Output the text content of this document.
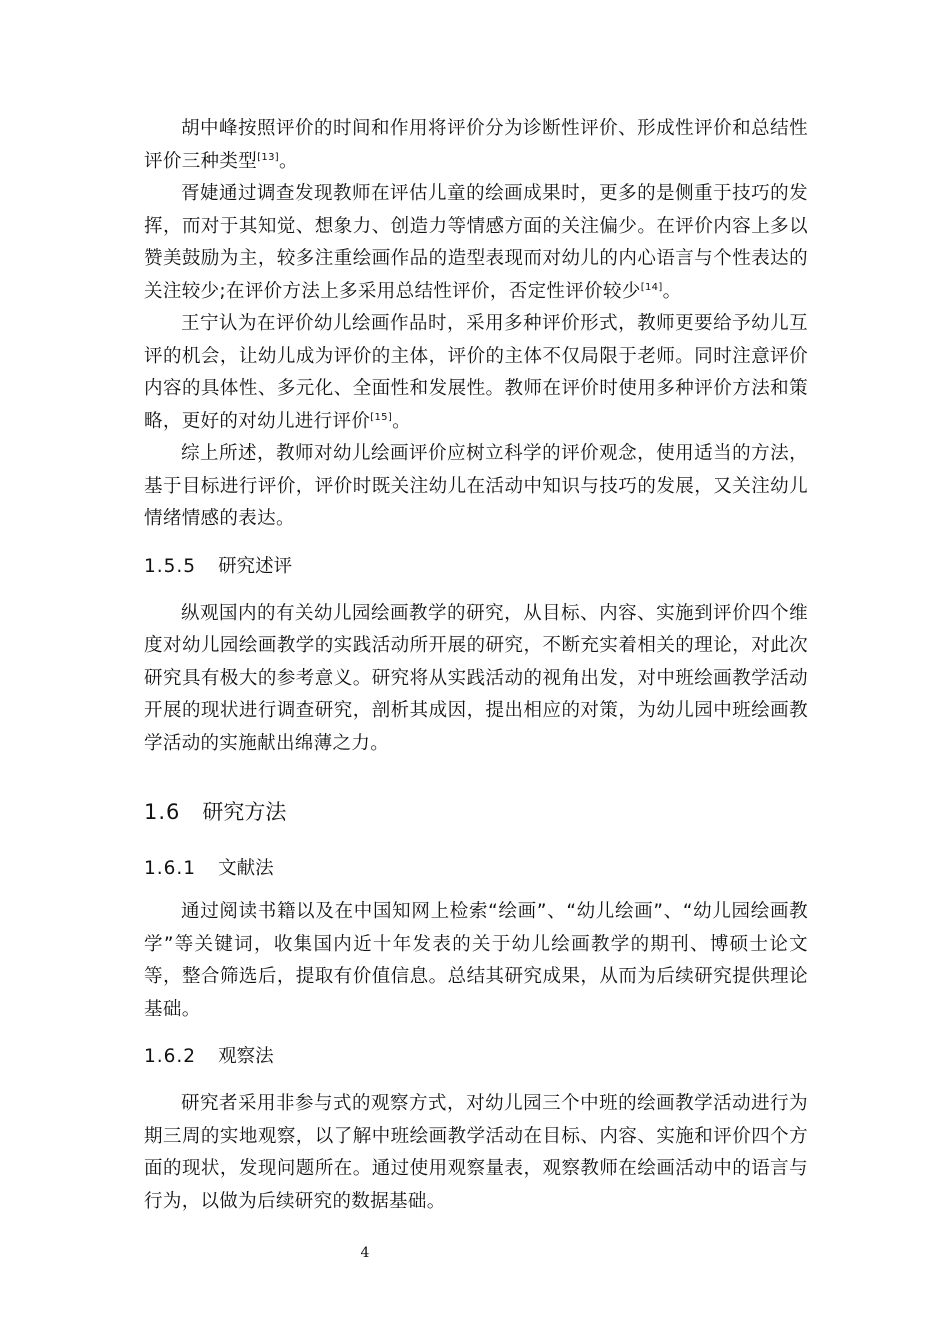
胡中峰按照评价的时间和作用将评价分为诊断性评价、形成性评价和总结性评价三种类型[13]。

胥婕通过调查发现教师在评估儿童的绘画成果时，更多的是侧重于技巧的发挥，而对于其知觉、想象力、创造力等情感方面的关注偏少。在评价内容上多以赞美鼓励为主，较多注重绘画作品的造型表现而对幼儿的内心语言与个性表达的关注较少;在评价方法上多采用总结性评价，否定性评价较少[14]。

王宁认为在评价幼儿绘画作品时，采用多种评价形式，教师更要给予幼儿互评的机会，让幼儿成为评价的主体，评价的主体不仅局限于老师。同时注意评价内容的具体性、多元化、全面性和发展性。教师在评价时使用多种评价方法和策略，更好的对幼儿进行评价[15]。

综上所述，教师对幼儿绘画评价应树立科学的评价观念，使用适当的方法，基于目标进行评价，评价时既关注幼儿在活动中知识与技巧的发展，又关注幼儿情绪情感的表达。

1.5.5 研究述评

纵观国内的有关幼儿园绘画教学的研究，从目标、内容、实施到评价四个维度对幼儿园绘画教学的实践活动所开展的研究，不断充实着相关的理论，对此次研究具有极大的参考意义。研究将从实践活动的视角出发，对中班绘画教学活动开展的现状进行调查研究，剖析其成因，提出相应的对策，为幼儿园中班绘画教学活动的实施献出绵薄之力。

1.6 研究方法
1.6.1 文献法

通过阅读书籍以及在中国知网上检索“绘画”、“幼儿绘画”、“幼儿园绘画教学”等关键词，收集国内近十年发表的关于幼儿绘画教学的期刊、博硕士论文等，整合筛选后，提取有价值信息。总结其研究成果，从而为后续研究提供理论基础。

1.6.2 观察法

研究者采用非参与式的观察方式，对幼儿园三个中班的绘画教学活动进行为期三周的实地观察，以了解中班绘画教学活动在目标、内容、实施和评价四个方面的现状，发现问题所在。通过使用观察量表，观察教师在绘画活动中的语言与行为，以做为后续研究的数据基础。

4
